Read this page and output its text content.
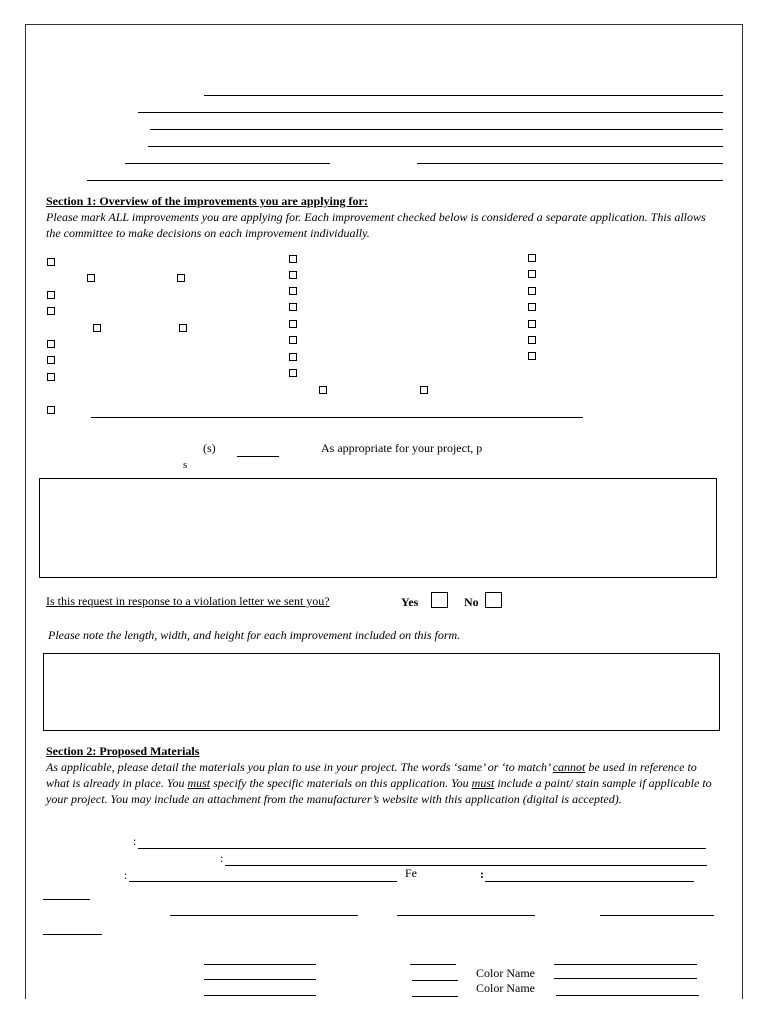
Section 1: Overview of the improvements you are applying for:
Please mark ALL improvements you are applying for. Each improvement checked below is considered a separate application. This allows the committee to make decisions on each improvement individually.
(s)	As appropriate for your project, p
s
Is this request in response to a violation letter we sent you?	Yes	No
Please note the length, width, and height for each improvement included on this form.
Section 2: Proposed Materials
As applicable, please detail the materials you plan to use in your project. The words ‘same’ or ‘to match’ cannot be used in reference to what is already in place. You must specify the specific materials on this application. You must include a paint/ stain sample if applicable to your project. You may include an attachment from the manufacturer’s website with this application (digital is accepted).
:
:
:	Fe	:
Color Name
Color Name
